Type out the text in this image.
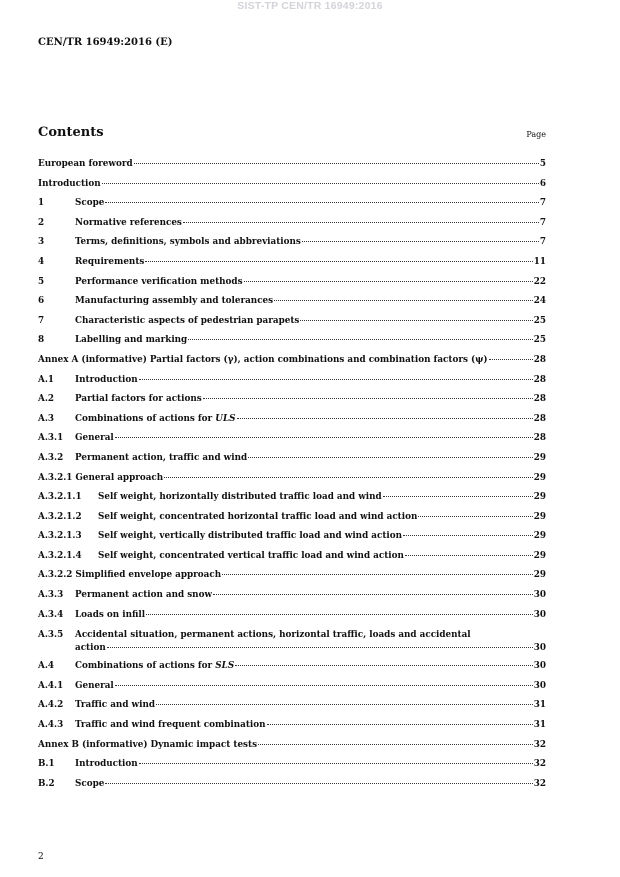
SIST-TP CEN/TR 16949:2016
CEN/TR 16949:2016 (E)
Contents	Page
European foreword	5
Introduction	6
1	Scope	7
2	Normative references	7
3	Terms, definitions, symbols and abbreviations	7
4	Requirements	11
5	Performance verification methods	22
6	Manufacturing assembly and tolerances	24
7	Characteristic aspects of pedestrian parapets	25
8	Labelling and marking	25
Annex A (informative) Partial factors (γ), action combinations and combination factors (ψ)	28
A.1	Introduction	28
A.2	Partial factors for actions	28
A.3	Combinations of actions for ULS	28
A.3.1	General	28
A.3.2	Permanent action, traffic and wind	29
A.3.2.1 General approach	29
A.3.2.1.1	Self weight, horizontally distributed traffic load and wind	29
A.3.2.1.2	Self weight, concentrated horizontal traffic load and wind action	29
A.3.2.1.3	Self weight, vertically distributed traffic load and wind action	29
A.3.2.1.4	Self weight, concentrated vertical traffic load and wind action	29
A.3.2.2 Simplified envelope approach	29
A.3.3	Permanent action and snow	30
A.3.4	Loads on infill	30
A.3.5	Accidental situation, permanent actions, horizontal traffic, loads and accidental
action	30
A.4	Combinations of actions for SLS	30
A.4.1	General	30
A.4.2	Traffic and wind	31
A.4.3	Traffic and wind frequent combination	31
Annex B (informative) Dynamic impact tests	32
B.1	Introduction	32
B.2	Scope	32
2
